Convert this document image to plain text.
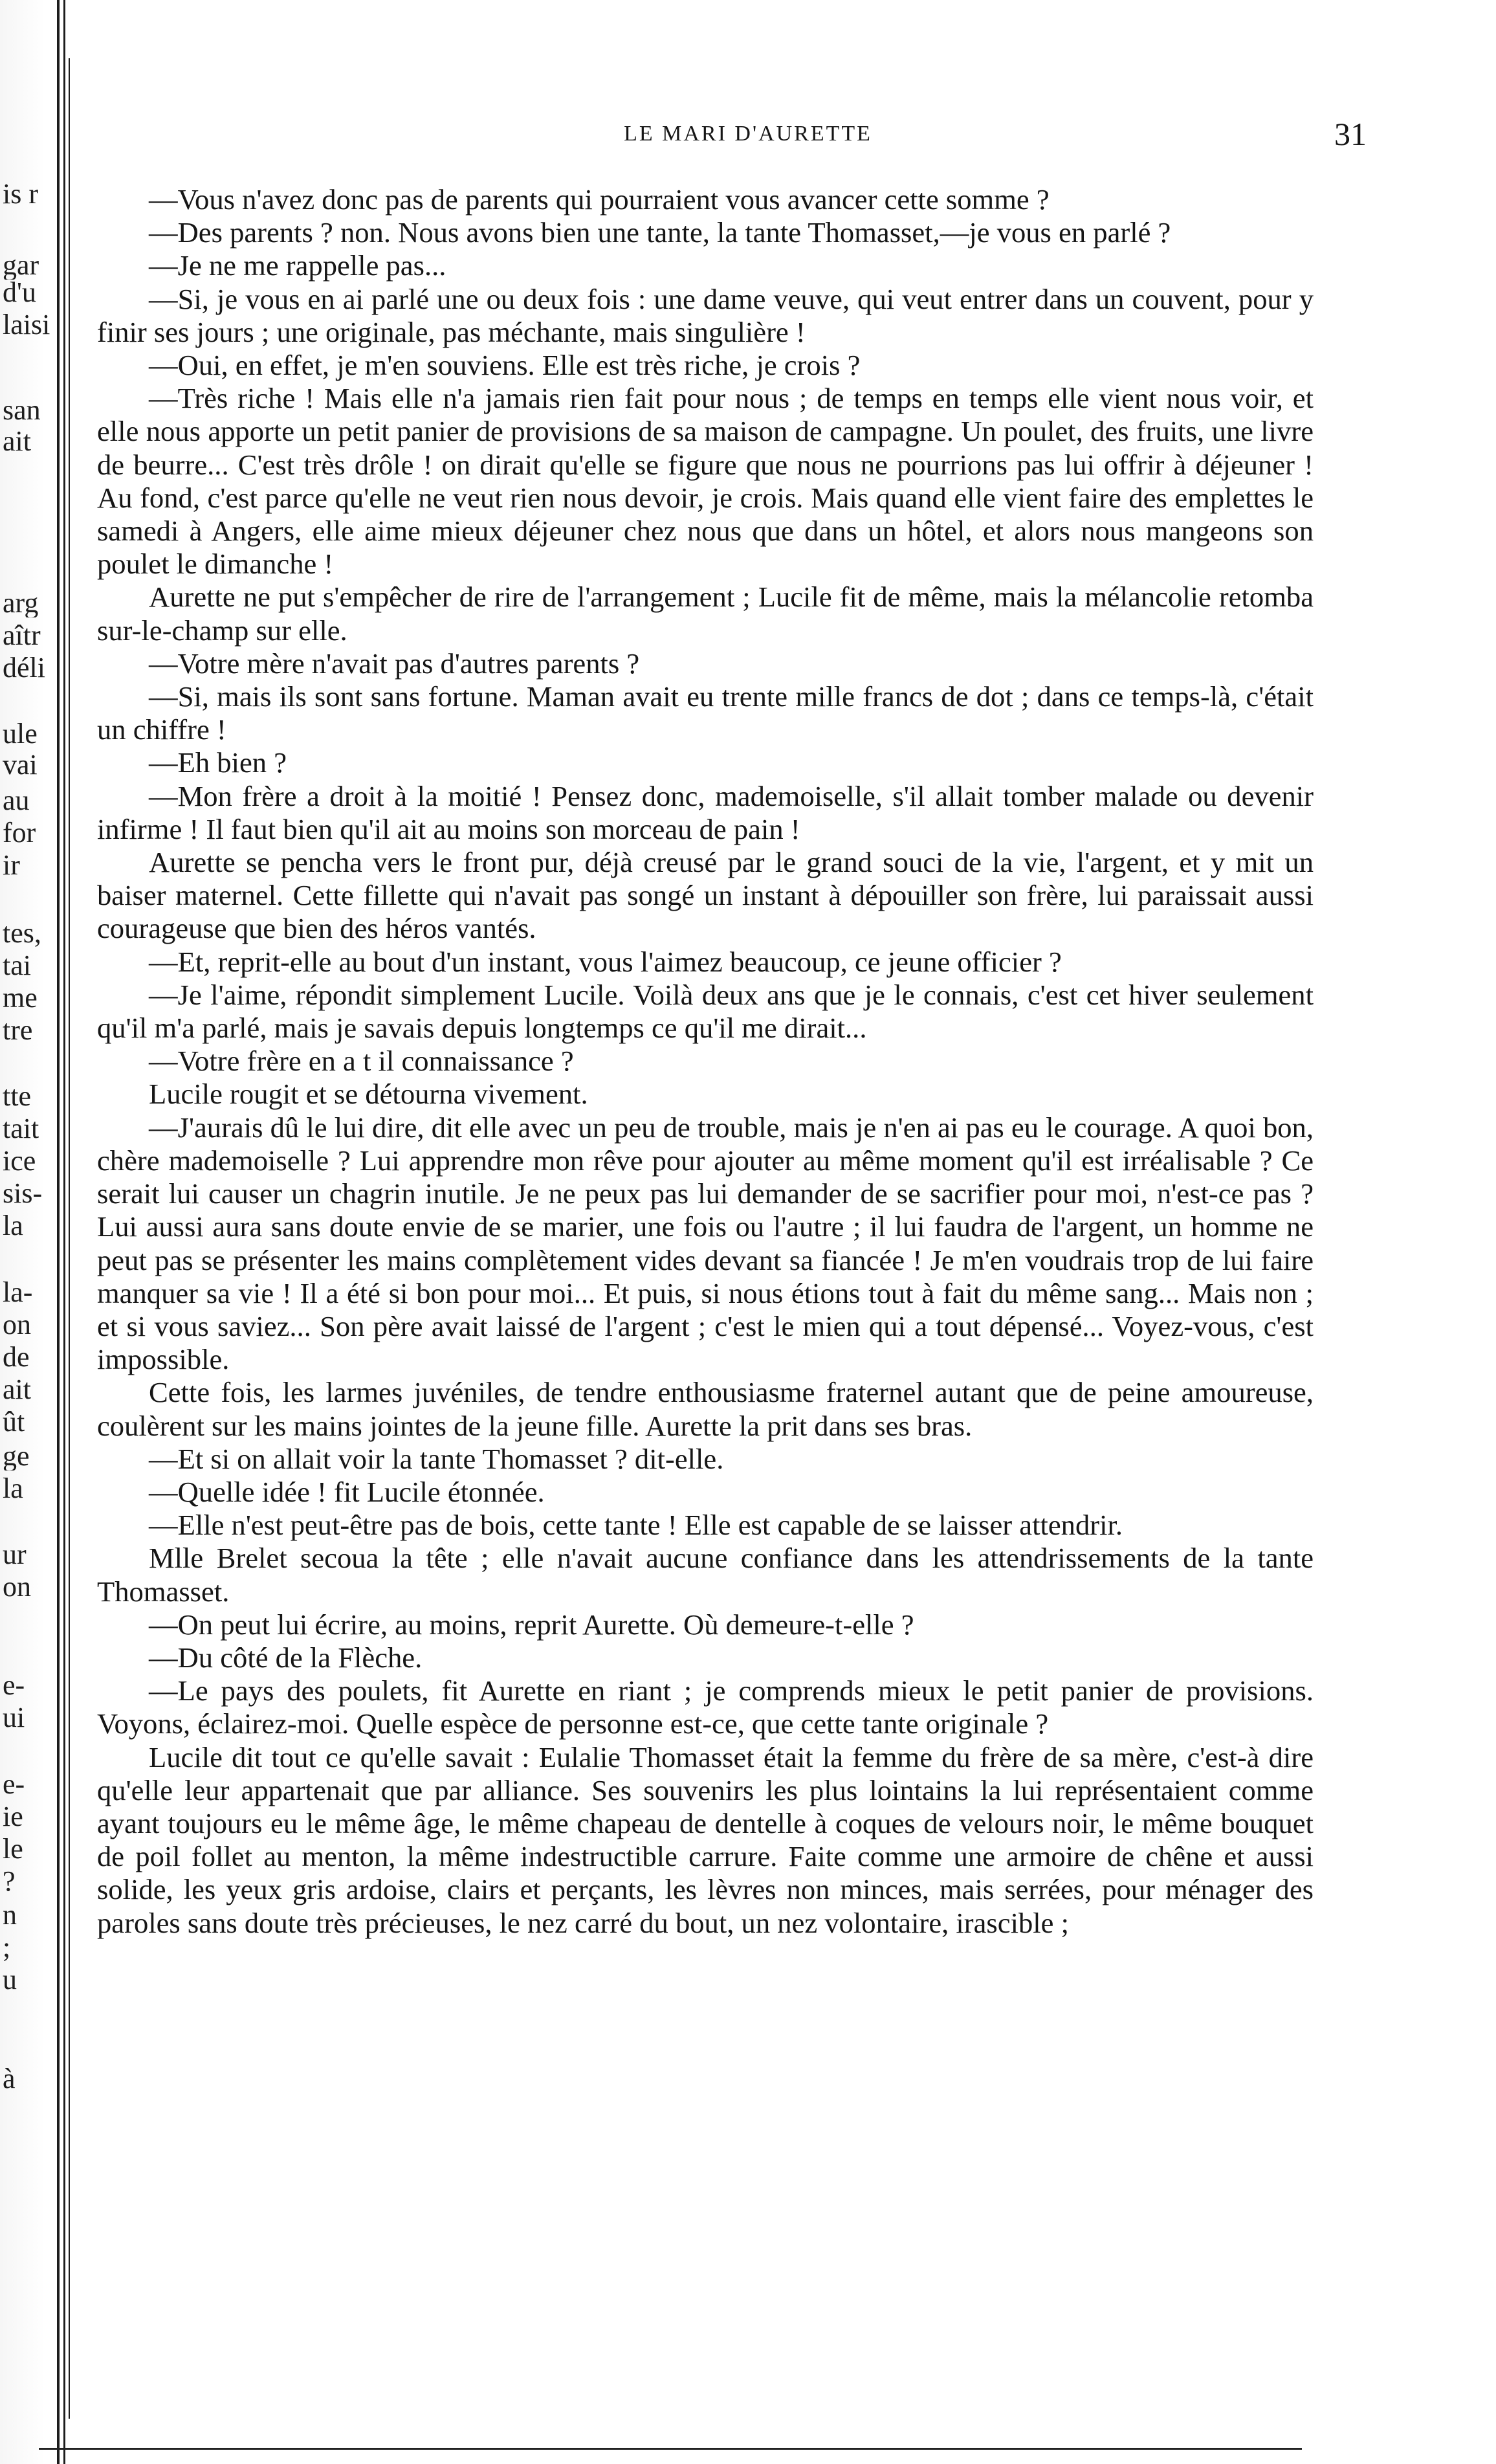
is r
gar
d'u
laisi
san
ait
arg
aîtr
déli
ule
vai
au
for
ir
tes,
tai
me
tre
tte
tait
ice
sis-
la
la-
on
de
ait
ût
ge
la
ur
on
e-
ui
e-
ie
le
?
n
;
u
à
LE MARI D'AURETTE	31

—Vous n'avez donc pas de parents qui pourraient vous avancer cette somme ?

—Des parents ? non. Nous avons bien une tante, la tante Thomasset,—je vous en parlé ?

—Je ne me rappelle pas...

—Si, je vous en ai parlé une ou deux fois : une dame veuve, qui veut entrer dans un couvent, pour y finir ses jours ; une originale, pas méchante, mais singulière !

—Oui, en effet, je m'en souviens. Elle est très riche, je crois ?

—Très riche ! Mais elle n'a jamais rien fait pour nous ; de temps en temps elle vient nous voir, et elle nous apporte un petit panier de provisions de sa maison de campagne. Un poulet, des fruits, une livre de beurre... C'est très drôle ! on dirait qu'elle se figure que nous ne pourrions pas lui offrir à déjeuner ! Au fond, c'est parce qu'elle ne veut rien nous devoir, je crois. Mais quand elle vient faire des emplettes le samedi à Angers, elle aime mieux déjeuner chez nous que dans un hôtel, et alors nous mangeons son poulet le dimanche !

Aurette ne put s'empêcher de rire de l'arrangement ; Lucile fit de même, mais la mélancolie retomba sur-le-champ sur elle.

—Votre mère n'avait pas d'autres parents ?

—Si, mais ils sont sans fortune. Maman avait eu trente mille francs de dot ; dans ce temps-là, c'était un chiffre !

—Eh bien ?

—Mon frère a droit à la moitié ! Pensez donc, mademoiselle, s'il allait tomber malade ou devenir infirme ! Il faut bien qu'il ait au moins son morceau de pain !

Aurette se pencha vers le front pur, déjà creusé par le grand souci de la vie, l'argent, et y mit un baiser maternel. Cette fillette qui n'avait pas songé un instant à dépouiller son frère, lui paraissait aussi courageuse que bien des héros vantés.

—Et, reprit-elle au bout d'un instant, vous l'aimez beaucoup, ce jeune officier ?

—Je l'aime, répondit simplement Lucile. Voilà deux ans que je le connais, c'est cet hiver seulement qu'il m'a parlé, mais je savais depuis longtemps ce qu'il me dirait...

—Votre frère en a t il connaissance ?

Lucile rougit et se détourna vivement.

—J'aurais dû le lui dire, dit elle avec un peu de trouble, mais je n'en ai pas eu le courage. A quoi bon, chère mademoiselle ? Lui apprendre mon rêve pour ajouter au même moment qu'il est irréalisable ? Ce serait lui causer un chagrin inutile. Je ne peux pas lui demander de se sacrifier pour moi, n'est-ce pas ? Lui aussi aura sans doute envie de se marier, une fois ou l'autre ; il lui faudra de l'argent, un homme ne peut pas se présenter les mains complètement vides devant sa fiancée ! Je m'en voudrais trop de lui faire manquer sa vie ! Il a été si bon pour moi... Et puis, si nous étions tout à fait du même sang... Mais non ; et si vous saviez... Son père avait laissé de l'argent ; c'est le mien qui a tout dépensé... Voyez-vous, c'est impossible.

Cette fois, les larmes juvéniles, de tendre enthousiasme fraternel autant que de peine amoureuse, coulèrent sur les mains jointes de la jeune fille. Aurette la prit dans ses bras.

—Et si on allait voir la tante Thomasset ? dit-elle.

—Quelle idée ! fit Lucile étonnée.

—Elle n'est peut-être pas de bois, cette tante ! Elle est capable de se laisser attendrir.

Mlle Brelet secoua la tête ; elle n'avait aucune confiance dans les attendrissements de la tante Thomasset.

—On peut lui écrire, au moins, reprit Aurette. Où demeure-t-elle ?

—Du côté de la Flèche.

—Le pays des poulets, fit Aurette en riant ; je comprends mieux le petit panier de provisions. Voyons, éclairez-moi. Quelle espèce de personne est-ce, que cette tante originale ?

Lucile dit tout ce qu'elle savait : Eulalie Thomasset était la femme du frère de sa mère, c'est-à dire qu'elle leur appartenait que par alliance. Ses souvenirs les plus lointains la lui représentaient comme ayant toujours eu le même âge, le même chapeau de dentelle à coques de velours noir, le même bouquet de poil follet au menton, la même indestructible carrure. Faite comme une armoire de chêne et aussi solide, les yeux gris ardoise, clairs et perçants, les lèvres non minces, mais serrées, pour ménager des paroles sans doute très précieuses, le nez carré du bout, un nez volontaire, irascible ;
